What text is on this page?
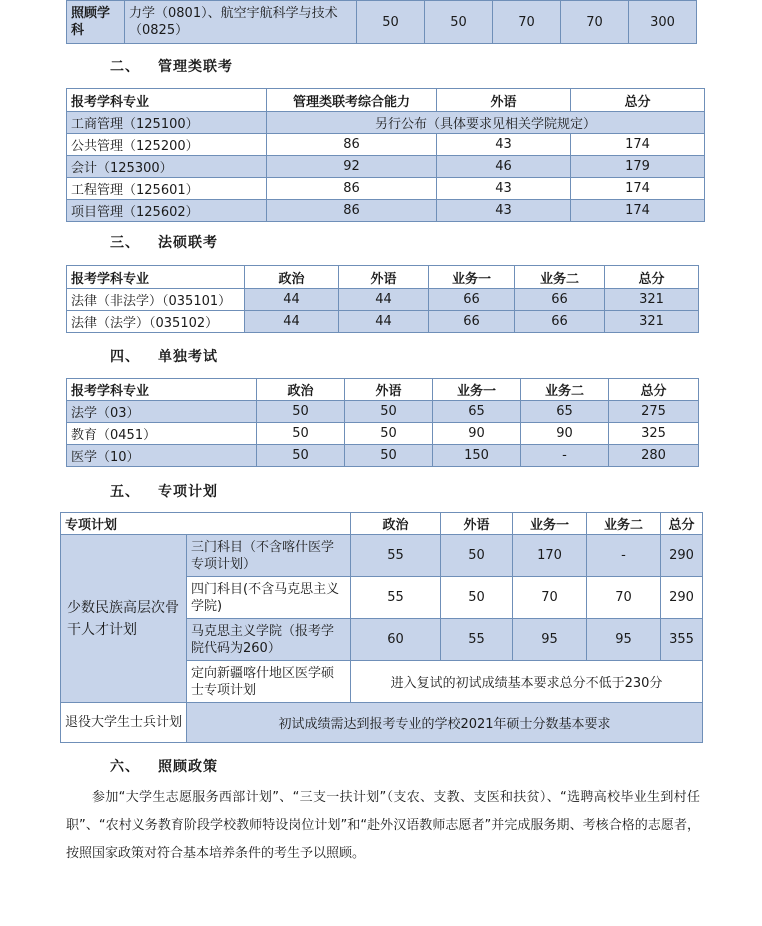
照顾学科	力学（0801）、航空宇航科学与技术（0825）	50	50	70	70	300
二、 管理类联考
报考学科专业	管理类联考综合能力	外语	总分
工商管理（125100）	另行公布（具体要求见相关学院规定）		
公共管理（125200）	86	43	174
会计（125300）	92	46	179
工程管理（125601）	86	43	174
项目管理（125602）	86	43	174
三、 法硕联考
报考学科专业	政治	外语	业务一	业务二	总分
法律（非法学）（035101）	44	44	66	66	321
法律（法学）（035102）	44	44	66	66	321
四、 单独考试
报考学科专业	政治	外语	业务一	业务二	总分
法学（03）	50	50	65	65	275
教育（0451）	50	50	90	90	325
医学（10）	50	50	150	-	280
五、 专项计划
专项计划		政治	外语	业务一	业务二	总分
少数民族高层次骨干人才计划	三门科目（不含喀什医学专项计划）	55	50	170	-	290
	四门科目(不含马克思主义学院)	55	50	70	70	290
	马克思主义学院（报考学院代码为260）	60	55	95	95	355
	定向新疆喀什地区医学硕士专项计划	进入复试的初试成绩基本要求总分不低于230分				
退役大学生士兵计划	初试成绩需达到报考专业的学校2021年硕士分数基本要求					
六、 照顾政策
参加“大学生志愿服务西部计划”、“三支一扶计划”（支农、支教、支医和扶贫）、“选聘高校毕业生到村任职”、“农村义务教育阶段学校教师特设岗位计划”和“赴外汉语教师志愿者”并完成服务期、考核合格的志愿者，按照国家政策对符合基本培养条件的考生予以照顾。
